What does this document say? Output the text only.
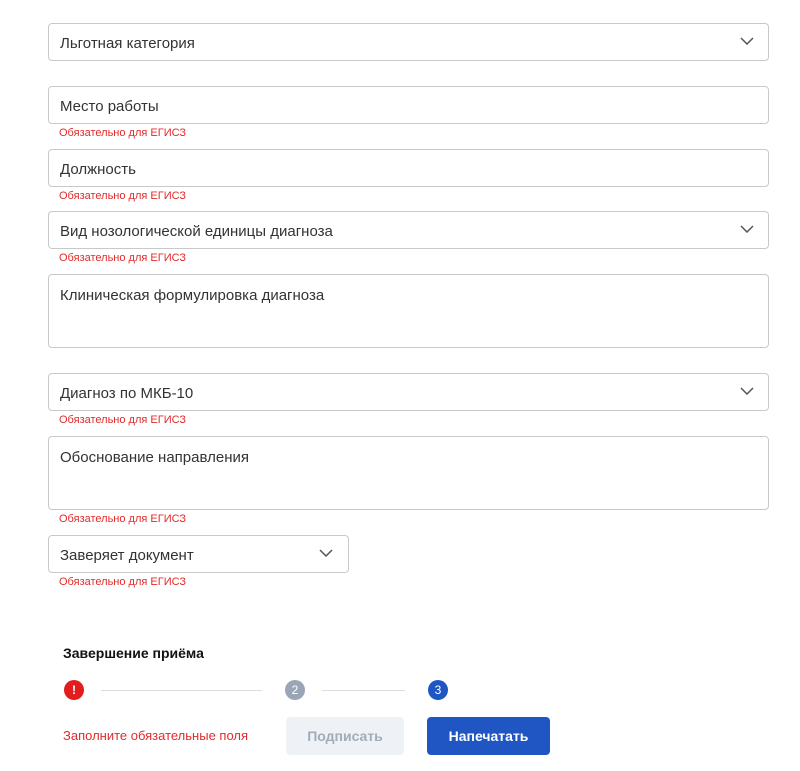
Льготная категория
Место работы
Обязательно для ЕГИСЗ
Должность
Обязательно для ЕГИСЗ
Вид нозологической единицы диагноза
Обязательно для ЕГИСЗ
Клиническая формулировка диагноза
Диагноз по МКБ-10
Обязательно для ЕГИСЗ
Обоснование направления
Обязательно для ЕГИСЗ
Заверяет документ
Обязательно для ЕГИСЗ
Завершение приёма
!	2	3
Заполните обязательные поля	Подписать	Напечатать
